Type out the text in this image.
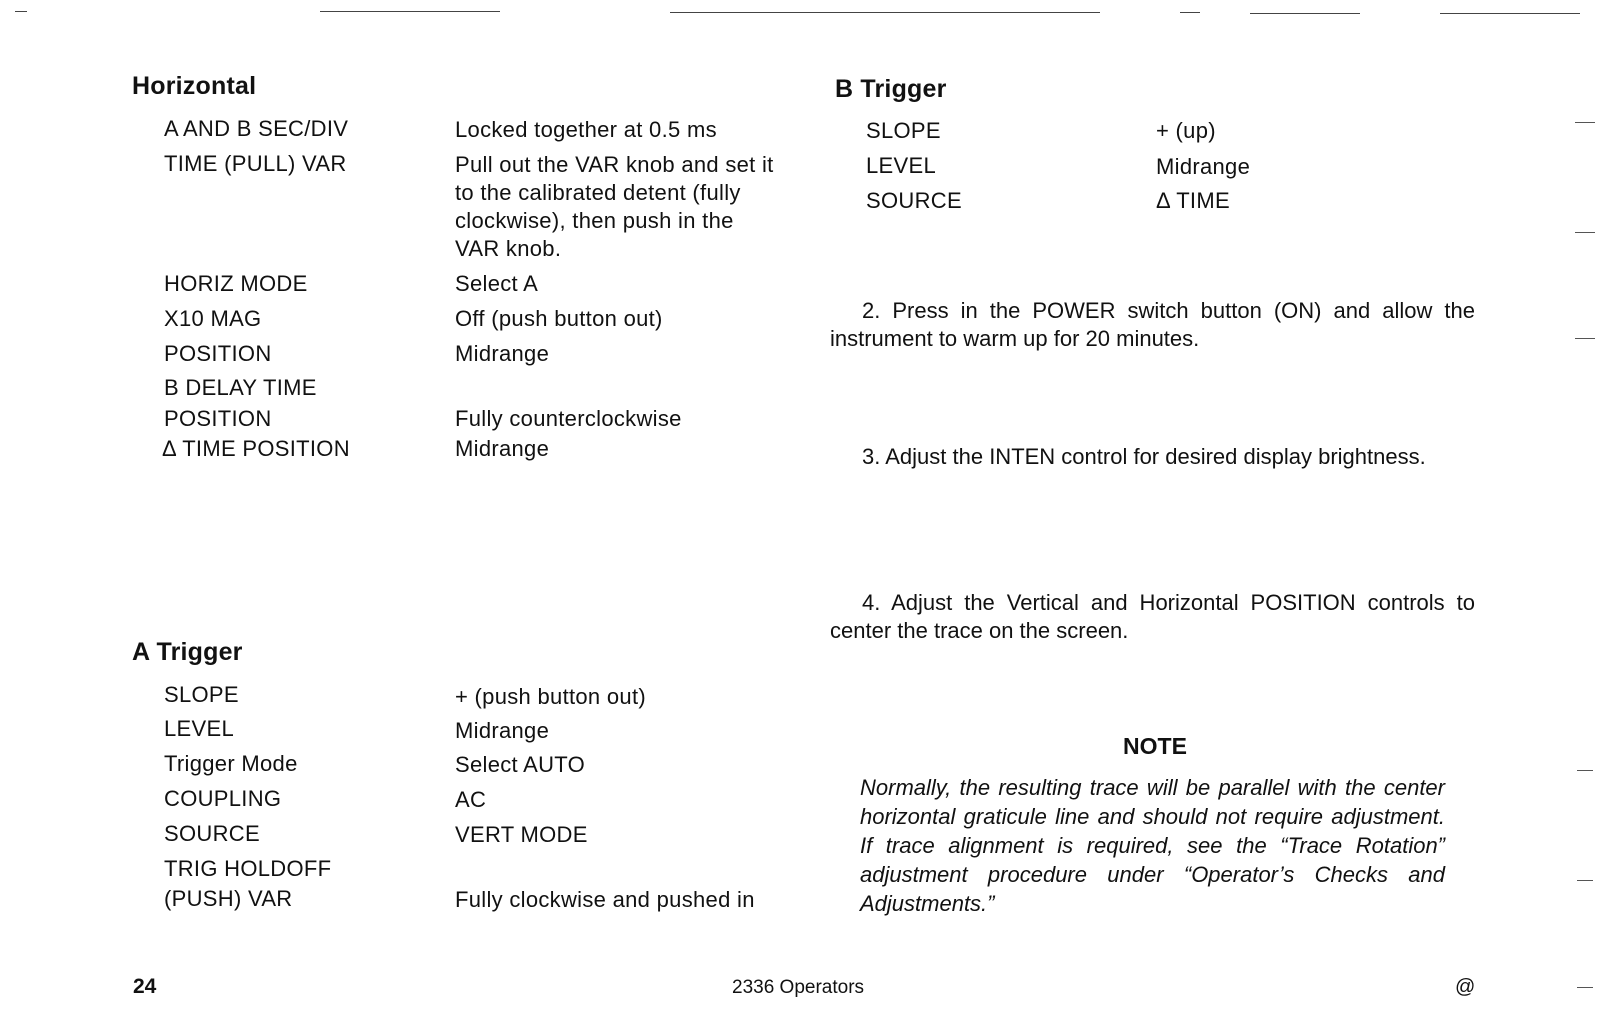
Horizontal
A AND B SEC/DIV	Locked together at 0.5 ms
TIME (PULL) VAR	Pull out the VAR knob and set it to the calibrated detent (fully clockwise), then push in the VAR knob.
HORIZ MODE	Select A
X10 MAG	Off (push button out)
POSITION	Midrange
B DELAY TIME
POSITION	Fully counterclockwise
Δ TIME POSITION	Midrange
A Trigger
SLOPE	+ (push button out)
LEVEL	Midrange
Trigger Mode	Select AUTO
COUPLING	AC
SOURCE	VERT MODE
TRIG HOLDOFF
(PUSH) VAR	Fully clockwise and pushed in
B Trigger
SLOPE	+ (up)
LEVEL	Midrange
SOURCE	Δ TIME
2. Press in the POWER switch button (ON) and allow the instrument to warm up for 20 minutes.
3. Adjust the INTEN control for desired display brightness.
4. Adjust the Vertical and Horizontal POSITION controls to center the trace on the screen.
NOTE
Normally, the resulting trace will be parallel with the center horizontal graticule line and should not require adjustment. If trace alignment is required, see the “Trace Rotation” adjustment procedure under “Operator’s Checks and Adjustments.”
24	2336 Operators	@
